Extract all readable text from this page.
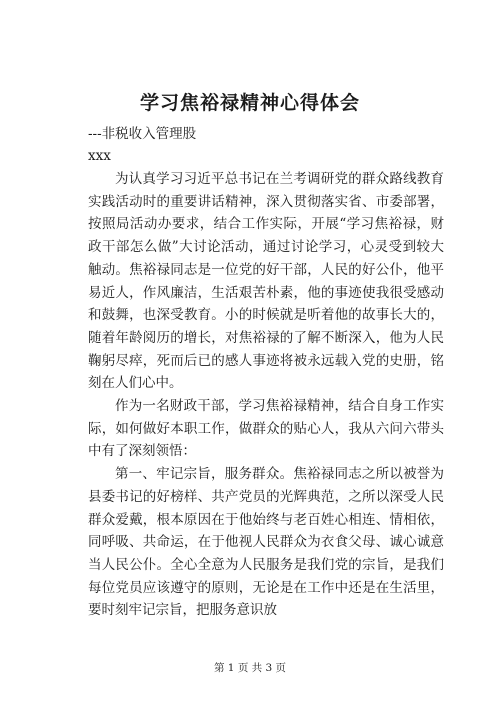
学习焦裕禄精神心得体会
---非税收入管理股
xxx

为认真学习习近平总书记在兰考调研党的群众路线教育实践活动时的重要讲话精神，深入贯彻落实省、市委部署，按照局活动办要求，结合工作实际，开展“学习焦裕禄，财政干部怎么做”大讨论活动，通过讨论学习，心灵受到较大触动。焦裕禄同志是一位党的好干部，人民的好公仆，他平易近人，作风廉洁，生活艰苦朴素，他的事迹使我很受感动和鼓舞，也深受教育。小的时候就是听着他的故事长大的，随着年龄阅历的增长，对焦裕禄的了解不断深入，他为人民鞠躬尽瘁，死而后已的感人事迹将被永远载入党的史册，铭刻在人们心中。

作为一名财政干部，学习焦裕禄精神，结合自身工作实际，如何做好本职工作，做群众的贴心人，我从六问六带头中有了深刻领悟：

第一、牢记宗旨，服务群众。焦裕禄同志之所以被誉为县委书记的好榜样、共产党员的光辉典范，之所以深受人民群众爱戴，根本原因在于他始终与老百姓心相连、情相依，同呼吸、共命运，在于他视人民群众为衣食父母、诚心诚意当人民公仆。全心全意为人民服务是我们党的宗旨，是我们每位党员应该遵守的原则，无论是在工作中还是在生活里，要时刻牢记宗旨，把服务意识放

第 1 页 共 3 页
